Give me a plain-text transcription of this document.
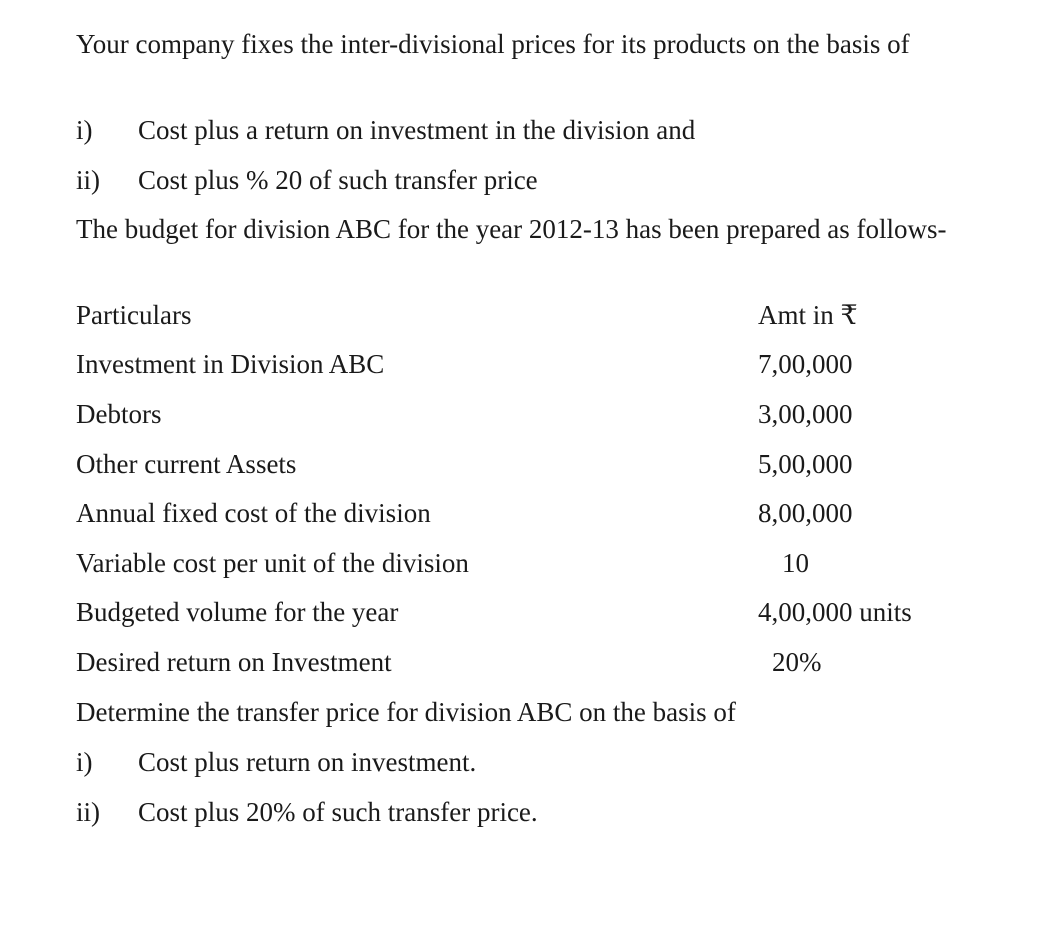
Your company fixes the inter-divisional prices for its products on the basis of

i) Cost plus a return on investment in the division and
ii) Cost plus % 20 of such transfer price

The budget for division ABC for the year 2012-13 has been prepared as follows-

Particulars	Amt in ₹
Investment in Division ABC	7,00,000
Debtors	3,00,000
Other current Assets	5,00,000
Annual fixed cost of the division	8,00,000
Variable cost per unit of the division	10
Budgeted volume for the year	4,00,000 units
Desired return on Investment	20%

Determine the transfer price for division ABC on the basis of

i) Cost plus return on investment.
ii) Cost plus 20% of such transfer price.
